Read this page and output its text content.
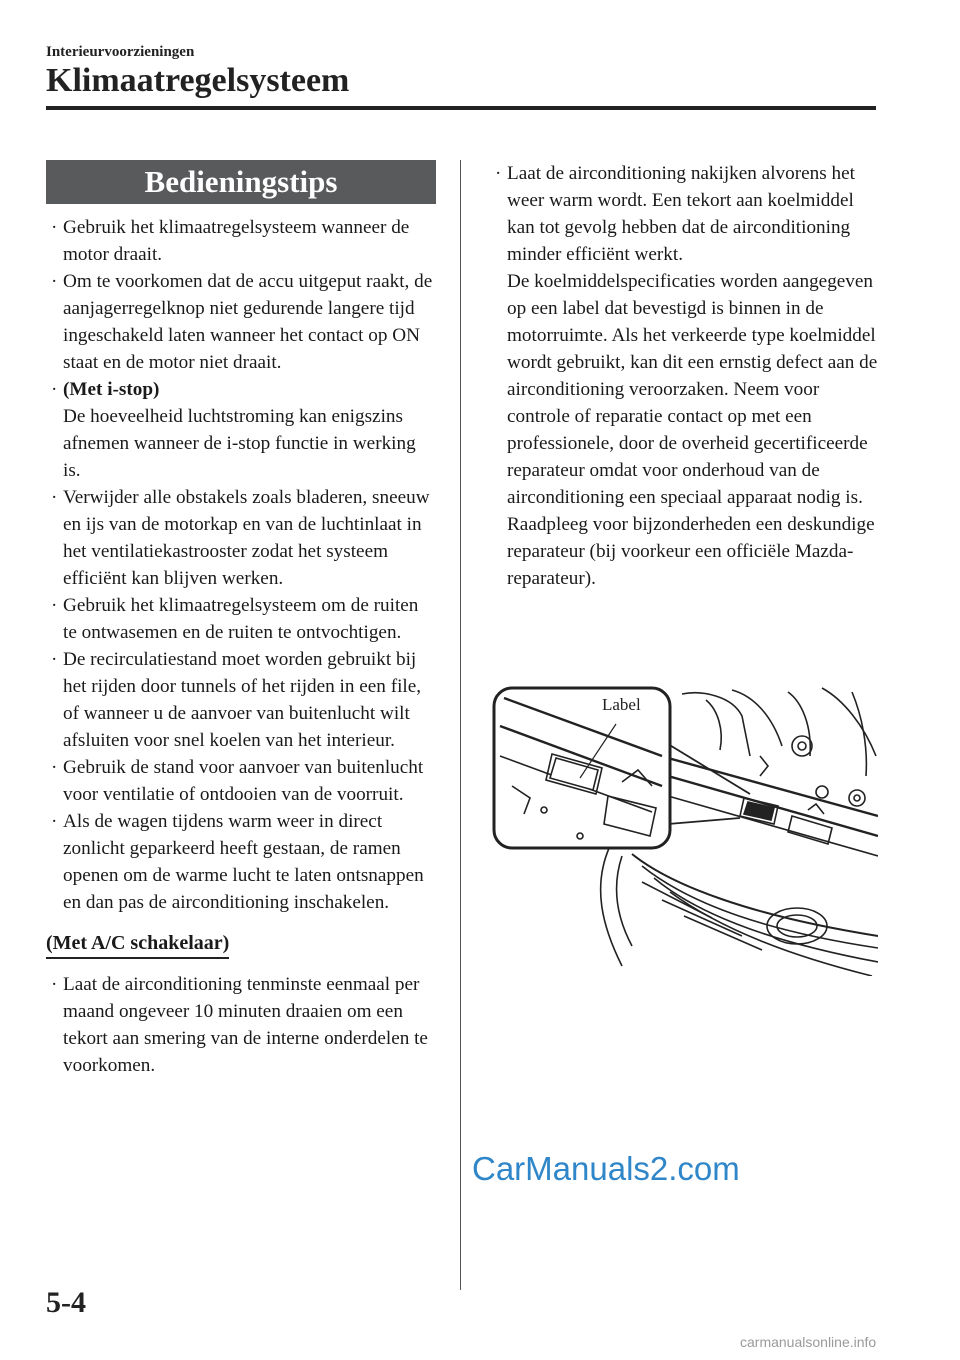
Interieurvoorzieningen
Klimaatregelsysteem
Bedieningstips
· Gebruik het klimaatregelsysteem wanneer de motor draait.
· Om te voorkomen dat de accu uitgeput raakt, de aanjagerregelknop niet gedurende langere tijd ingeschakeld laten wanneer het contact op ON staat en de motor niet draait.
· (Met i-stop)
De hoeveelheid luchtstroming kan enigszins afnemen wanneer de i-stop functie in werking is.
· Verwijder alle obstakels zoals bladeren, sneeuw en ijs van de motorkap en van de luchtinlaat in het ventilatiekastrooster zodat het systeem efficiënt kan blijven werken.
· Gebruik het klimaatregelsysteem om de ruiten te ontwasemen en de ruiten te ontvochtigen.
· De recirculatiestand moet worden gebruikt bij het rijden door tunnels of het rijden in een file, of wanneer u de aanvoer van buitenlucht wilt afsluiten voor snel koelen van het interieur.
· Gebruik de stand voor aanvoer van buitenlucht voor ventilatie of ontdooien van de voorruit.
· Als de wagen tijdens warm weer in direct zonlicht geparkeerd heeft gestaan, de ramen openen om de warme lucht te laten ontsnappen en dan pas de airconditioning inschakelen.
(Met A/C schakelaar)
· Laat de airconditioning tenminste eenmaal per maand ongeveer 10 minuten draaien om een tekort aan smering van de interne onderdelen te voorkomen.
· Laat de airconditioning nakijken alvorens het weer warm wordt. Een tekort aan koelmiddel kan tot gevolg hebben dat de airconditioning minder efficiënt werkt.
De koelmiddelspecificaties worden aangegeven op een label dat bevestigd is binnen in de motorruimte. Als het verkeerde type koelmiddel wordt gebruikt, kan dit een ernstig defect aan de airconditioning veroorzaken. Neem voor controle of reparatie contact op met een professionele, door de overheid gecertificeerde reparateur omdat voor onderhoud van de airconditioning een speciaal apparaat nodig is.
Raadpleeg voor bijzonderheden een deskundige reparateur (bij voorkeur een officiële Mazda-reparateur).
Label
CarManuals2.com
5-4
carmanualsonline.info
